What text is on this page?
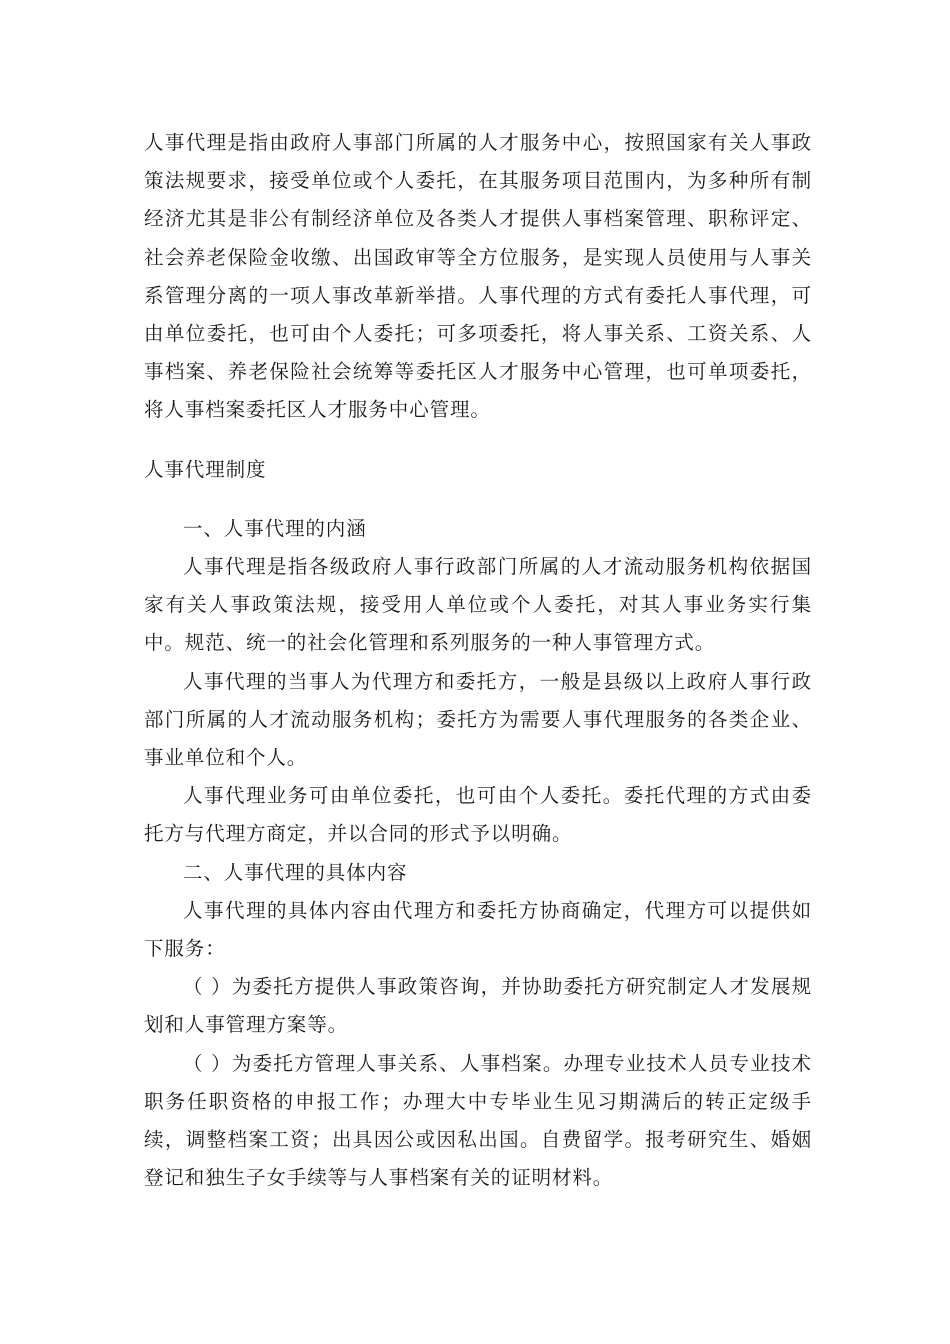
人事代理是指由政府人事部门所属的人才服务中心，按照国家有关人事政策法规要求，接受单位或个人委托，在其服务项目范围内，为多种所有制经济尤其是非公有制经济单位及各类人才提供人事档案管理、职称评定、社会养老保险金收缴、出国政审等全方位服务，是实现人员使用与人事关系管理分离的一项人事改革新举措。人事代理的方式有委托人事代理，可由单位委托，也可由个人委托；可多项委托，将人事关系、工资关系、人事档案、养老保险社会统筹等委托区人才服务中心管理，也可单项委托，将人事档案委托区人才服务中心管理。

人事代理制度

一、人事代理的内涵

人事代理是指各级政府人事行政部门所属的人才流动服务机构依据国家有关人事政策法规，接受用人单位或个人委托，对其人事业务实行集中。规范、统一的社会化管理和系列服务的一种人事管理方式。

人事代理的当事人为代理方和委托方，一般是县级以上政府人事行政部门所属的人才流动服务机构；委托方为需要人事代理服务的各类企业、事业单位和个人。

人事代理业务可由单位委托，也可由个人委托。委托代理的方式由委托方与代理方商定，并以合同的形式予以明确。

二、人事代理的具体内容

人事代理的具体内容由代理方和委托方协商确定，代理方可以提供如下服务：

（ ）为委托方提供人事政策咨询，并协助委托方研究制定人才发展规划和人事管理方案等。

（ ）为委托方管理人事关系、人事档案。办理专业技术人员专业技术职务任职资格的申报工作；办理大中专毕业生见习期满后的转正定级手续，调整档案工资；出具因公或因私出国。自费留学。报考研究生、婚姻登记和独生子女手续等与人事档案有关的证明材料。
